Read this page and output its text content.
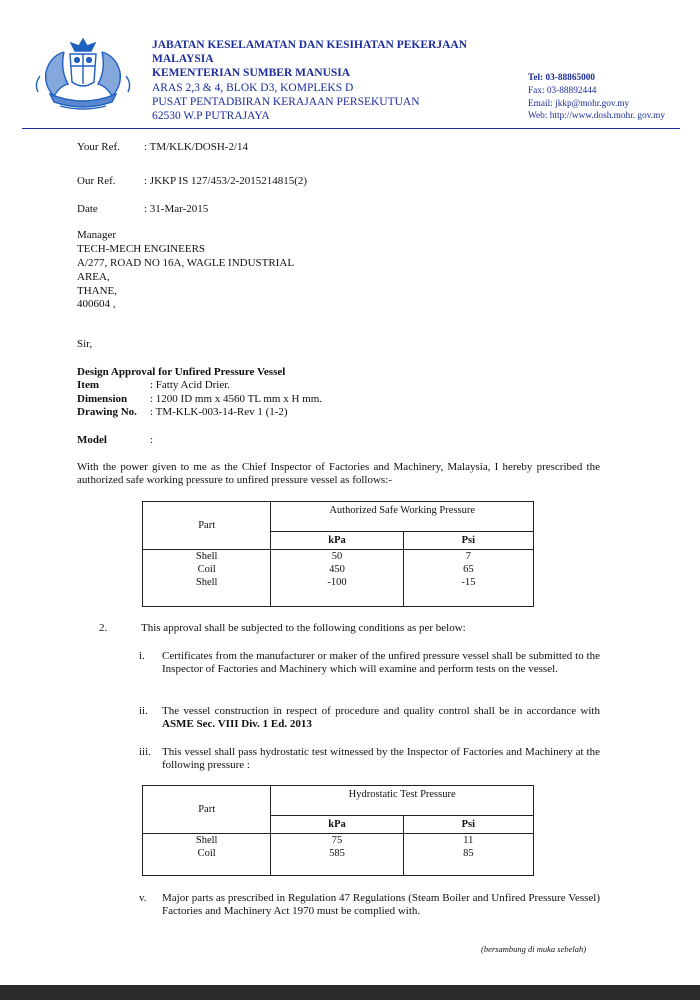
JABATAN KESELAMATAN DAN KESIHATAN PEKERJAAN
MALAYSIA
KEMENTERIAN SUMBER MANUSIA
ARAS 2,3 & 4, BLOK D3, KOMPLEKS D
PUSAT PENTADBIRAN KERAJAAN PERSEKUTUAN
62530 W.P PUTRAJAYA
Tel: 03-88865000
Fax: 03-88892444
Email: jkkp@mohr.gov.my
Web: http://www.dosh.mohr. gov.my
Your Ref. : TM/KLK/DOSH-2/14
Our Ref.	: JKKP IS 127/453/2-2015214815(2)
Date	: 31-Mar-2015
Manager
TECH-MECH ENGINEERS
A/277, ROAD NO 16A, WAGLE INDUSTRIAL
AREA,
THANE,
400604 ,
Sir,
Design Approval for Unfired Pressure Vessel
Item	: Fatty Acid Drier.
Dimension : 1200 ID mm x 4560 TL mm x H mm.
Drawing No. : TM-KLK-003-14-Rev 1 (1-2)
Model	:
With the power given to me as the Chief Inspector of Factories and Machinery, Malaysia, I hereby prescribed the authorized safe working pressure to unfired pressure vessel as follows:-
Part	Authorized Safe Working Pressure	
	kPa	Psi
Shell	50	7
Coil	450	65
Shell	-100	-15

2.	This approval shall be subjected to the following conditions as per below:
i. Certificates from the manufacturer or maker of the unfired pressure vessel shall be submitted to the Inspector of Factories and Machinery which will examine and perform tests on the vessel.
ii. The vessel construction in respect of procedure and quality control shall be in accordance with ASME Sec. VIII Div. 1 Ed. 2013
iii. This vessel shall pass hydrostatic test witnessed by the Inspector of Factories and Machinery at the following pressure :
Part	Hydrostatic Test Pressure	
	kPa	Psi
Shell	75	11
Coil	585	85

v. Major parts as prescribed in Regulation 47 Regulations (Steam Boiler and Unfired Pressure Vessel) Factories and Machinery Act 1970 must be complied with.
(bersambung di muka sebelah)
